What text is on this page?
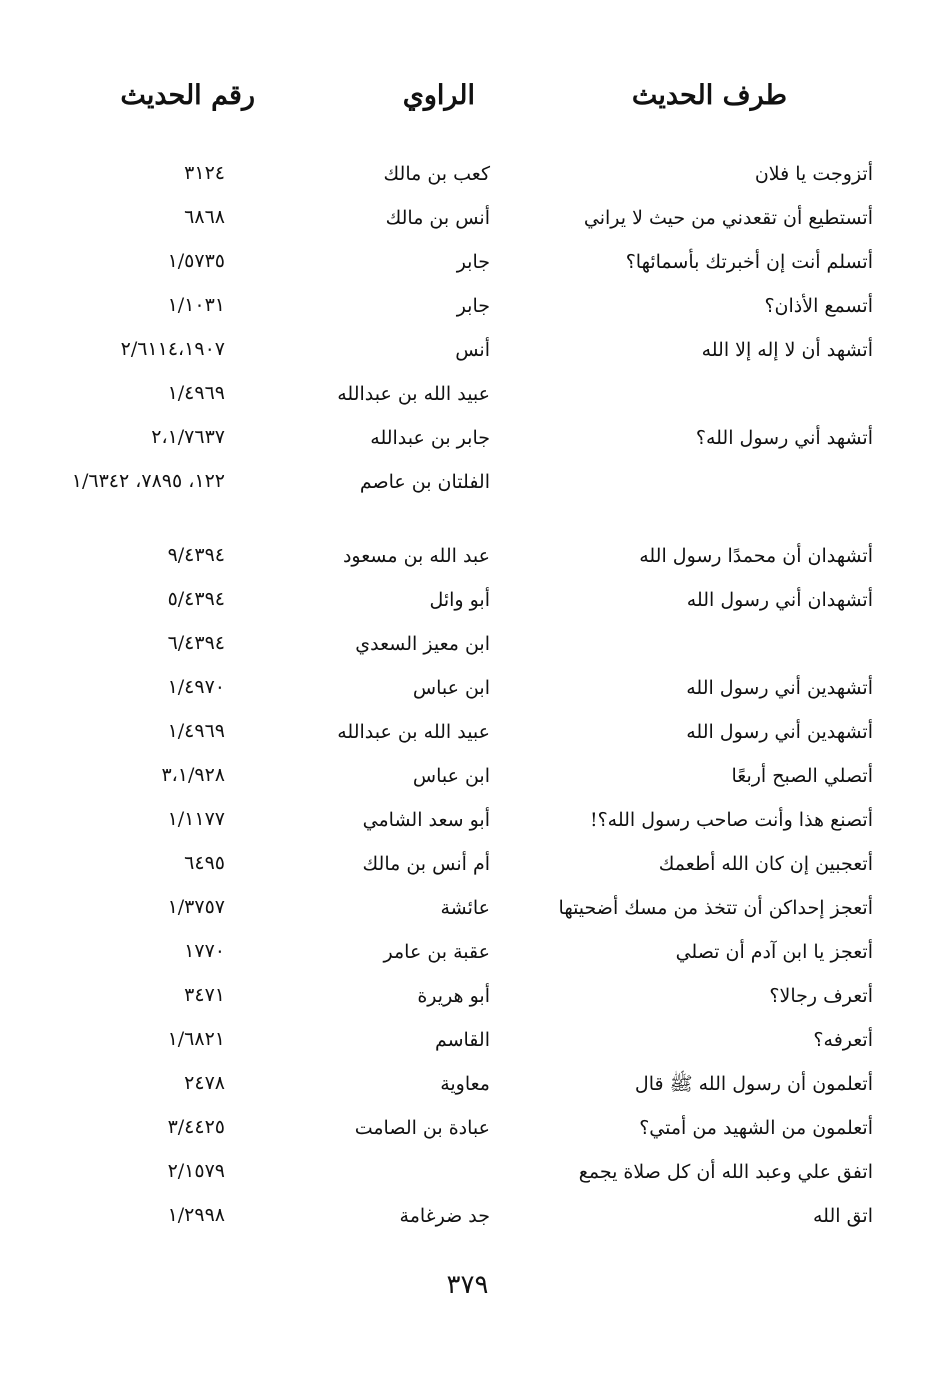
طرف الحديث
الراوي
رقم الحديث
أتزوجت يا فلان
كعب بن مالك
٣١٢٤
أتستطيع أن تقعدني من حيث لا يراني
أنس بن مالك
٦٨٦٨
أتسلم أنت إن أخبرتك بأسمائها؟
جابر
١/٥٧٣٥
أتسمع الأذان؟
جابر
١/١٠٣١
أتشهد أن لا إله إلا الله
أنس
٢/٦١١٤،١٩٠٧
عبيد الله بن عبدالله
١/٤٩٦٩
أتشهد أني رسول الله؟
جابر بن عبدالله
٢،١/٧٦٣٧
الفلتان بن عاصم
١٢٢، ٧٨٩٥، ١/٦٣٤٢
أتشهدان أن محمدًا رسول الله
عبد الله بن مسعود
٩/٤٣٩٤
أتشهدان أني رسول الله
أبو وائل
٥/٤٣٩٤
ابن معيز السعدي
٦/٤٣٩٤
أتشهدين أني رسول الله
ابن عباس
١/٤٩٧٠
أتشهدين أني رسول الله
عبيد الله بن عبدالله
١/٤٩٦٩
أتصلي الصبح أربعًا
ابن عباس
٣،١/٩٢٨
أتصنع هذا وأنت صاحب رسول الله؟!
أبو سعد الشامي
١/١١٧٧
أتعجبين إن كان الله أطعمك
أم أنس بن مالك
٦٤٩٥
أتعجز إحداكن أن تتخذ من مسك أضحيتها
عائشة
١/٣٧٥٧
أتعجز يا ابن آدم أن تصلي
عقبة بن عامر
١٧٧٠
أتعرف رجالا؟
أبو هريرة
٣٤٧١
أتعرفه؟
القاسم
١/٦٨٢١
أتعلمون أن رسول الله ﷺ قال
معاوية
٢٤٧٨
أتعلمون من الشهيد من أمتي؟
عبادة بن الصامت
٣/٤٤٢٥
اتفق علي وعبد الله أن كل صلاة يجمع
٢/١٥٧٩
اتق الله
جد ضرغامة
١/٢٩٩٨
٣٧٩
